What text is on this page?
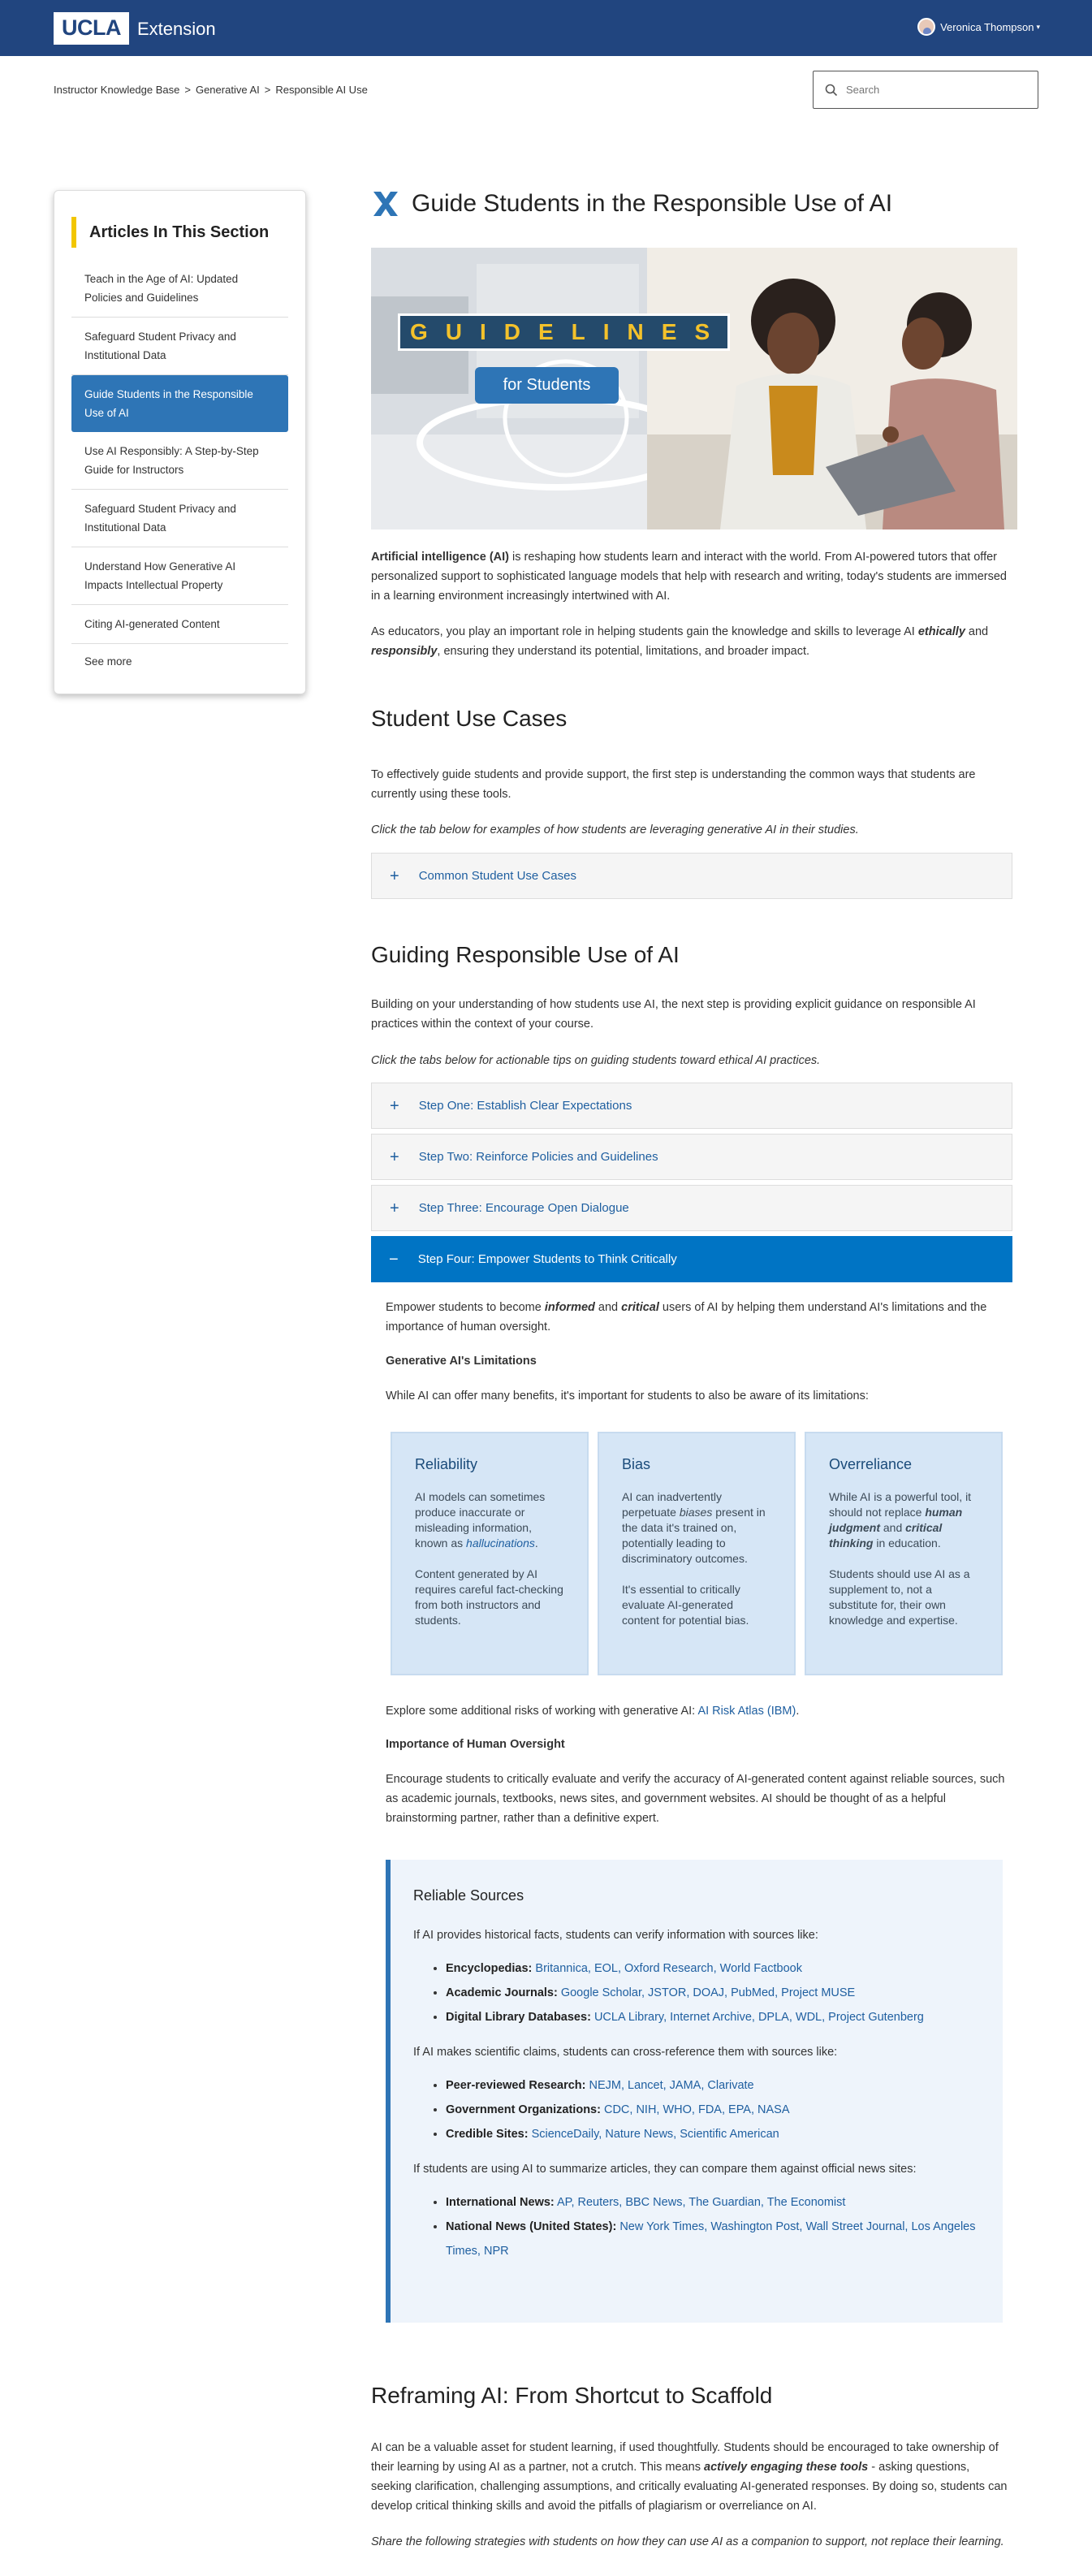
UCLA Extension	Veronica Thompson ▾
Instructor Knowledge Base > Generative AI > Responsible AI Use
Search
Articles In This Section
Teach in the Age of AI: Updated Policies and Guidelines
Safeguard Student Privacy and Institutional Data
Guide Students in the Responsible Use of AI
Use AI Responsibly: A Step-by-Step Guide for Instructors
Safeguard Student Privacy and Institutional Data
Understand How Generative AI Impacts Intellectual Property
Citing AI-generated Content
See more
Guide Students in the Responsible Use of AI
GUIDELINES
for Students

Artificial intelligence (AI) is reshaping how students learn and interact with the world. From AI-powered tutors that offer personalized support to sophisticated language models that help with research and writing, today's students are immersed in a learning environment increasingly intertwined with AI.

As educators, you play an important role in helping students gain the knowledge and skills to leverage AI ethically and responsibly, ensuring they understand its potential, limitations, and broader impact.

Student Use Cases

To effectively guide students and provide support, the first step is understanding the common ways that students are currently using these tools.

Click the tab below for examples of how students are leveraging generative AI in their studies.

+ Common Student Use Cases
Guiding Responsible Use of AI

Building on your understanding of how students use AI, the next step is providing explicit guidance on responsible AI practices within the context of your course.

Click the tabs below for actionable tips on guiding students toward ethical AI practices.

+ Step One: Establish Clear Expectations
+ Step Two: Reinforce Policies and Guidelines
+ Step Three: Encourage Open Dialogue
− Step Four: Empower Students to Think Critically

Empower students to become informed and critical users of AI by helping them understand AI's limitations and the importance of human oversight.

Generative AI's Limitations

While AI can offer many benefits, it's important for students to also be aware of its limitations:

Reliability

AI models can sometimes produce inaccurate or misleading information, known as hallucinations.

Content generated by AI requires careful fact-checking from both instructors and students.

Bias

AI can inadvertently perpetuate biases present in the data it's trained on, potentially leading to discriminatory outcomes.

It's essential to critically evaluate AI-generated content for potential bias.

Overreliance

While AI is a powerful tool, it should not replace human judgment and critical thinking in education.

Students should use AI as a supplement to, not a substitute for, their own knowledge and expertise.

Explore some additional risks of working with generative AI: AI Risk Atlas (IBM).

Importance of Human Oversight

Encourage students to critically evaluate and verify the accuracy of AI-generated content against reliable sources, such as academic journals, textbooks, news sites, and government websites. AI should be thought of as a helpful brainstorming partner, rather than a definitive expert.

Reliable Sources

If AI provides historical facts, students can verify information with sources like:

• Encyclopedias: Britannica, EOL, Oxford Research, World Factbook
• Academic Journals: Google Scholar, JSTOR, DOAJ, PubMed, Project MUSE
• Digital Library Databases: UCLA Library, Internet Archive, DPLA, WDL, Project Gutenberg

If AI makes scientific claims, students can cross-reference them with sources like:

• Peer-reviewed Research: NEJM, Lancet, JAMA, Clarivate
• Government Organizations: CDC, NIH, WHO, FDA, EPA, NASA
• Credible Sites: ScienceDaily, Nature News, Scientific American

If students are using AI to summarize articles, they can compare them against official news sites:

• International News: AP, Reuters, BBC News, The Guardian, The Economist
• National News (United States): New York Times, Washington Post, Wall Street Journal, Los Angeles Times, NPR
Reframing AI: From Shortcut to Scaffold

AI can be a valuable asset for student learning, if used thoughtfully. Students should be encouraged to take ownership of their learning by using AI as a partner, not a crutch. This means actively engaging these tools - asking questions, seeking clarification, challenging assumptions, and critically evaluating AI-generated responses. By doing so, students can develop critical thinking skills and avoid the pitfalls of plagiarism or overreliance on AI.

Share the following strategies with students on how they can use AI as a companion to support, not replace their learning.
